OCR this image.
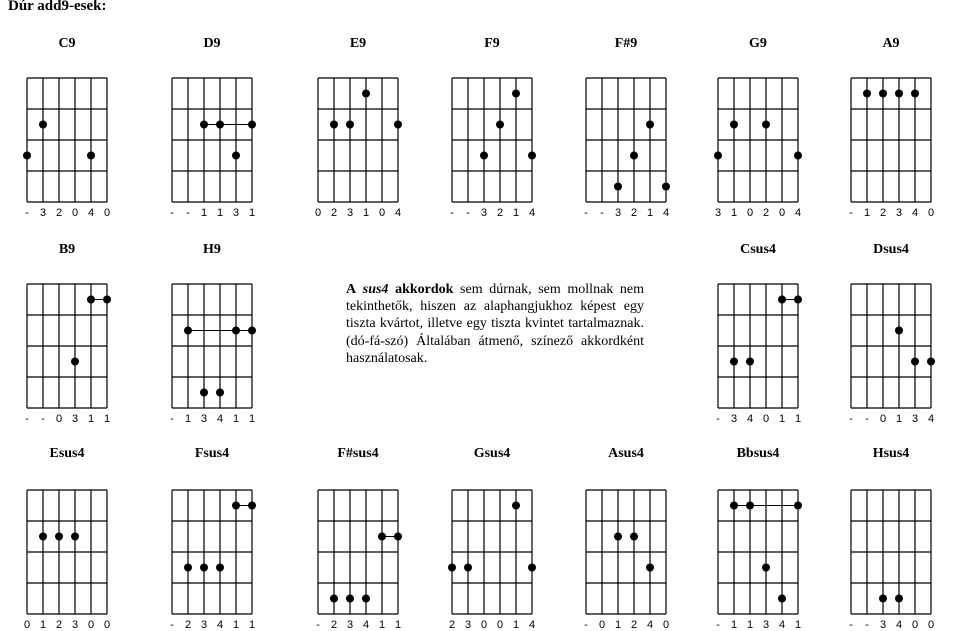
Dúr add9-esek:
- 3 2 0 4 0	- - 1 1 3 1	0 2 3 1 0 4	- - 3 2 1 4	- - 3 2 1 4	3 1 0 2 0 4	- 1 2 3 4 0
- - 0 3 1 1	- 1 3 4 1 1	- 3 4 0 1 1	- - 0 1 3 4
0 1 2 3 0 0	- 2 3 4 1 1	- 2 3 4 1 1	2 3 0 0 1 4	- 0 1 2 4 0	- 1 1 3 4 1	- - 3 4 0 0
C9	D9	E9	F9	F#9	G9	A9
B9	H9	Csus4	Dsus4
Esus4	Fsus4	F#sus4	Gsus4	Asus4	Bbsus4	Hsus4
A sus4 akkordok sem dúrnak, sem mollnak nem tekinthetők, hiszen az alaphangjukhoz képest egy tiszta kvártot, illetve egy tiszta kvintet tartalmaznak. (dó-fá-szó) Általában átmenő, színező akkordként használatosak.
